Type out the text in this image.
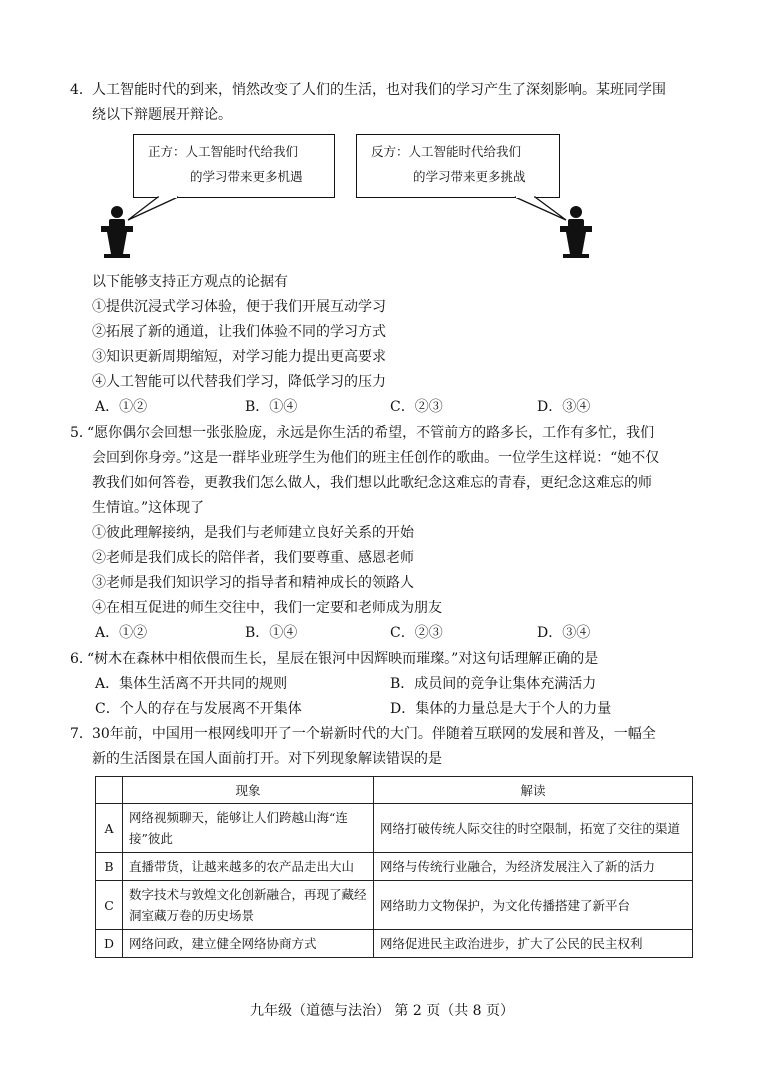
4． 人工智能时代的到来，悄然改变了人们的生活，也对我们的学习产生了深刻影响。某班同学围
绕以下辩题展开辩论。
正方：人工智能时代给我们
的学习带来更多机遇
反方：人工智能时代给我们
的学习带来更多挑战
以下能够支持正方观点的论据有
①提供沉浸式学习体验，便于我们开展互动学习
②拓展了新的通道，让我们体验不同的学习方式
③知识更新周期缩短，对学习能力提出更高要求
④人工智能可以代替我们学习，降低学习的压力
A．①②	B．①④	C．②③	D．③④
5．
“愿你偶尔会回想一张张脸庞，永远是你生活的希望，不管前方的路多长，工作有多忙，我们
会回到你身旁。”这是一群毕业班学生为他们的班主任创作的歌曲。一位学生这样说：“她不仅
教我们如何答卷，更教我们怎么做人，我们想以此歌纪念这难忘的青春，更纪念这难忘的师
生情谊。”这体现了
①彼此理解接纳，是我们与老师建立良好关系的开始
②老师是我们成长的陪伴者，我们要尊重、感恩老师
③老师是我们知识学习的指导者和精神成长的领路人
④在相互促进的师生交往中，我们一定要和老师成为朋友
A．①②	B．①④	C．②③	D．③④
6．
“树木在森林中相依偎而生长，星辰在银河中因辉映而璀璨。”对这句话理解正确的是
A．集体生活离不开共同的规则	B．成员间的竞争让集体充满活力
C．个人的存在与发展离不开集体	D．集体的力量总是大于个人的力量
7． 30年前，中国用一根网线叩开了一个崭新时代的大门。伴随着互联网的发展和普及，一幅全
新的生活图景在国人面前打开。对下列现象解读错误的是
	现象	解读
A	网络视频聊天，能够让人们跨越山海“连接”彼此	网络打破传统人际交往的时空限制，拓宽了交往的渠道
B	直播带货，让越来越多的农产品走出大山	网络与传统行业融合，为经济发展注入了新的活力
C	数字技术与敦煌文化创新融合，再现了藏经洞室藏万卷的历史场景	网络助力文物保护，为文化传播搭建了新平台
D	网络问政，建立健全网络协商方式	网络促进民主政治进步，扩大了公民的民主权利
九年级（道德与法治） 第 2 页（共 8 页）
